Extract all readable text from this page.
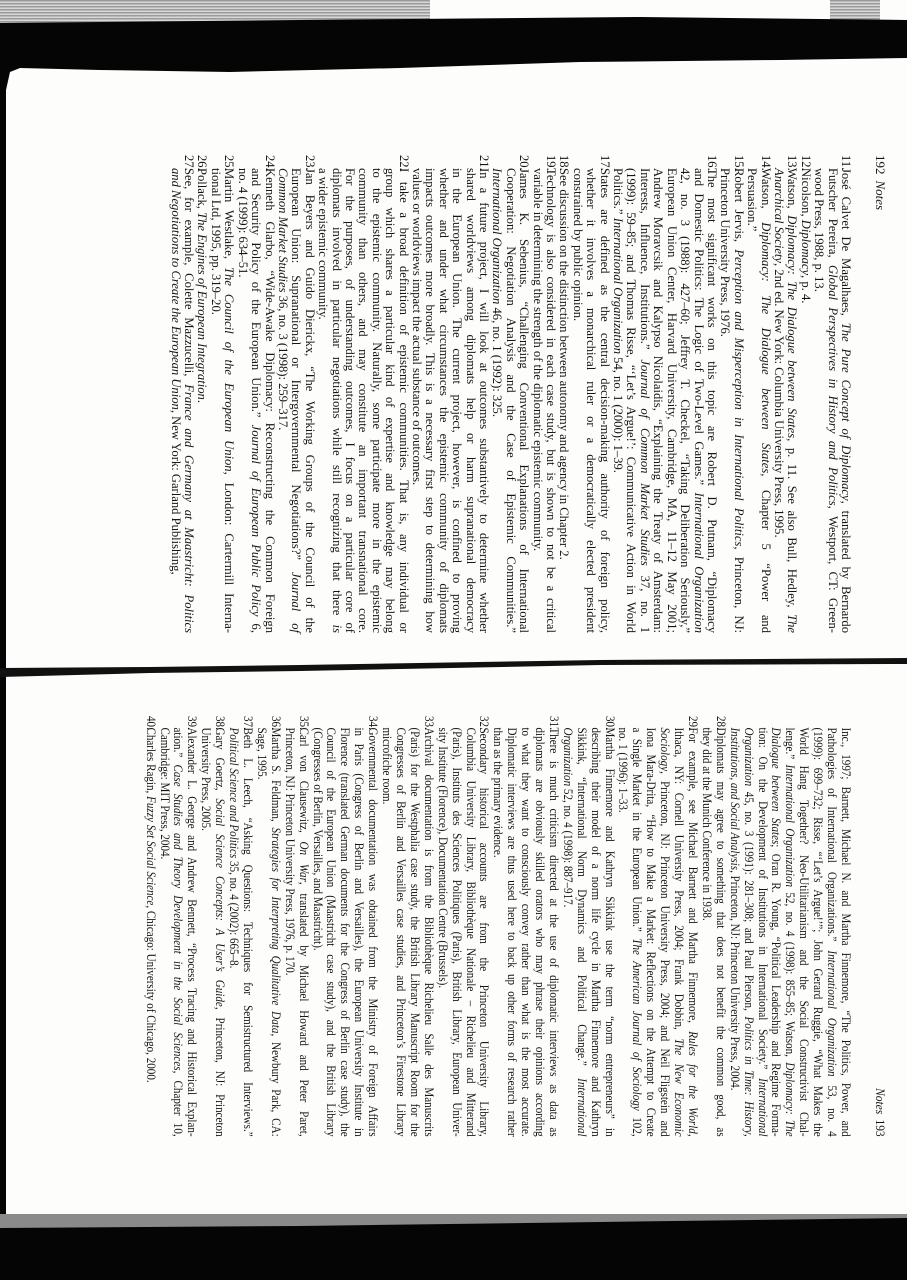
192Notes
11.
José Calvet De Magalhaes, The Pure Concept of Diplomacy, translated by Bernardo
Futscher Pereira, Global Perspectives in History and Politics, Westport, CT: Green-
wood Press, 1988, p. 13.
12.
Nicolson, Diplomacy, p. 4.
13.
Watson, Diplomacy: The Dialogue between States, p. 11. See also Bull, Hedley, The
Anarchical Society, 2nd ed. New York: Columbia University Press, 1995.
14.
Watson, Diplomacy: The Dialogue between States, Chapter 5 “Power and
Persuasion.”
15.
Robert Jervis, Perception and Misperception in International Politics, Princeton, NJ:
Princeton University Press, 1976.
16.
The most significant works on this topic are Robert D. Putnam, “Diplomacy
and Domestic Politics: The Logic of Two-Level Games.” International Organization
42, no. 3 (1988): 427–60; Jeffrey T. Checkel, “Taking Deliberation Seriously,”
European Union Center, Harvard University, Cambridge, MA, 11–12 May 2001;
Andrew Moravcsik and Kalypso Nicolaidis, “Explaining the Treaty of Amsterdam:
Interests, Influence, Institutions.” Journal of Common Market Studies 37, no. 1
(1999): 59–85; and Thomas Risse, “‘Let’s Argue!’: Communicative Action in World
Politics.” International Organization 54, no. 1 (2000): 1–39.
17.
States are defined as the central decision-making authority of foreign policy,
whether it involves a monarchical ruler or a democratically elected president
constrained by public opinion.
18.
See discussion on the distinction between autonomy and agency in Chapter 2.
19.
Technology is also considered in each case study, but is shown to not be a critical
variable in determining the strength of the diplomatic epistemic community.
20.
James K. Sebenius, “Challenging Conventional Explanations of International
Cooperation: Negotiation Analysis and the Case of Epistemic Communities.”
International Organization 46, no. 1 (1992): 325.
21.
In a future project, I will look at outcomes substantively to determine whether
shared worldviews among diplomats help or harm supranational democracy
in the European Union. The current project, however, is confined to proving
whether and under what circumstances the epistemic community of diplomats
impacts outcomes more broadly. This is a necessary first step to determining how
values or worldviews impact the actual substance of outcomes.
22.
I take a broad definition of epistemic communities. That is, any individual or
group which shares a particular kind of expertise and knowledge may belong
to the epistemic community. Naturally, some participate more in the epistemic
community than others, and may constitute an important transnational core.
For the purposes, of understanding outcomes, I focus on a particular core of
diplomats involved in particular negotiations while still recognizing that there is
a wider epistemic community.
23.
Jan Beyers and Guido Dierickx, “The Working Groups of the Council of the
European Union: Supranational or Intergovernmental Negotiations?” Journal of
Common Market Studies 36, no. 3 (1998): 259–317.
24.
Kenneth Glarbo, “Wide-Awake Diplomacy: Reconstructing the Common Foreign
and Security Policy of the European Union.” Journal of European Public Policy 6,
no. 4 (1999): 634–51.
25.
Martin Westlake, The Council of the European Union, London: Cartermill Interna-
tional Ltd, 1995, pp. 319–20.
26.
Pollack, The Engines of European Integration.
27.
See, for example, Colette Mazzucelli, France and Germany at Maastricht: Politics
and Negotiations to Create the European Union, New York: Garland Publishing,
Notes193
Inc., 1997; Barnett, Michael N. and Martha Finnemore, “The Politics, Power, and
Pathologies of International Organizations.” International Organization 53, no. 4
(1999): 699–732; Risse, “‘Let’s Argue!’”; John Gerard Ruggie, “What Makes the
World Hang Together? Neo-Utilitarianism and the Social Constructivist Chal-
lenge.” International Organization 52, no. 4 (1998): 855–85; Watson, Diplomacy: The
Dialogue between States; Oran R. Young, “Political Leadership and Regime Forma-
tion: On the Development of Institutions in International Society.” International
Organization 45, no. 3 (1991): 281–308; and Paul Pierson, Politics in Time: History,
Institutions, and Social Analysis, Princeton, NJ: Princeton University Press, 2004.
28.
Diplomats may agree to something that does not benefit the common good, as
they did at the Munich Conference in 1938.
29.
For example, see Michael Barnett and Martha Finnemore, Rules for the World,
Ithaca, NY: Cornell University Press, 2004; Frank Dobbin, The New Economic
Sociology, Princeton, NJ: Princeton University Press, 2004; and Neil Fligstein and
Iona Mara-Drita, “How to Make a Market: Reflections on the Attempt to Create
a Single Market in the European Union.” The American Journal of Sociology 102,
no. 1 (1996): 1–33.
30.
Martha Finnemore and Kathryn Sikkink use the term “norm entrepreneurs” in
describing their model of a norm life cycle in Martha Finnemore and Kathryn
Sikkink, “International Norm Dynamics and Political Change.” International
Organization 52, no. 4 (1998): 887–917.
31.
There is much criticism directed at the use of diplomatic interviews as data as
diplomats are obviously skilled orators who may phrase their opinions according
to what they want to consciously convey rather than what is the most accurate.
Diplomatic interviews are thus used here to back up other forms of research rather
than as the primary evidence.
32.
Secondary historical accounts are from the Princeton University Library,
Columbia University Library, Bibliothèque Nationale – Richelieu and Mitterand
(Paris), Instituts des Sciences Politiques (Paris), British Library, European Univer-
sity Institute (Florence), Documentation Centre (Brussels).
33.
Archival documentation is from the Bibliothèque Richelieu Salle des Manuscrits
(Paris) for the Westphalia case study, the British Library Manuscript Room for the
Congresses of Berlin and Versailles case studies, and Princeton’s Firestone Library
microfiche room.
34.
Governmental documentation was obtained from the Ministry of Foreign Affairs
in Paris (Congress of Berlin and Versailles), the European University Institute in
Florence (translated German documents for the Congress of Berlin case study), the
Council of the European Union (Maastricht case study), and the British Library
(Congresses of Berlin, Versailles, and Maastricht).
35.
Carl von Clausewitz, On War, translated by Michael Howard and Peter Paret,
Princeton, NJ: Princeton University Press, 1976, p. 170.
36.
Martha S. Feldman, Strategies for Interpreting Qualitative Data, Newbury Park, CA:
Sage, 1995.
37.
Beth L. Leech, “Asking Questions: Techniques for Semistructured Interviews.”
Political Science and Politics 35, no. 4 (2002): 665–8.
38.
Gary Goertz, Social Science Concepts: A User’s Guide, Princeton, NJ: Princeton
University Press, 2005.
39.
Alexander L. George and Andrew Bennett, “Process Tracing and Historical Explan-
ation.” Case Studies and Theory Development in the Social Sciences, Chapter 10,
Cambridge: MIT Press, 2004.
40.
Charles Ragin, Fuzzy Set Social Science, Chicago: University of Chicago, 2000.
